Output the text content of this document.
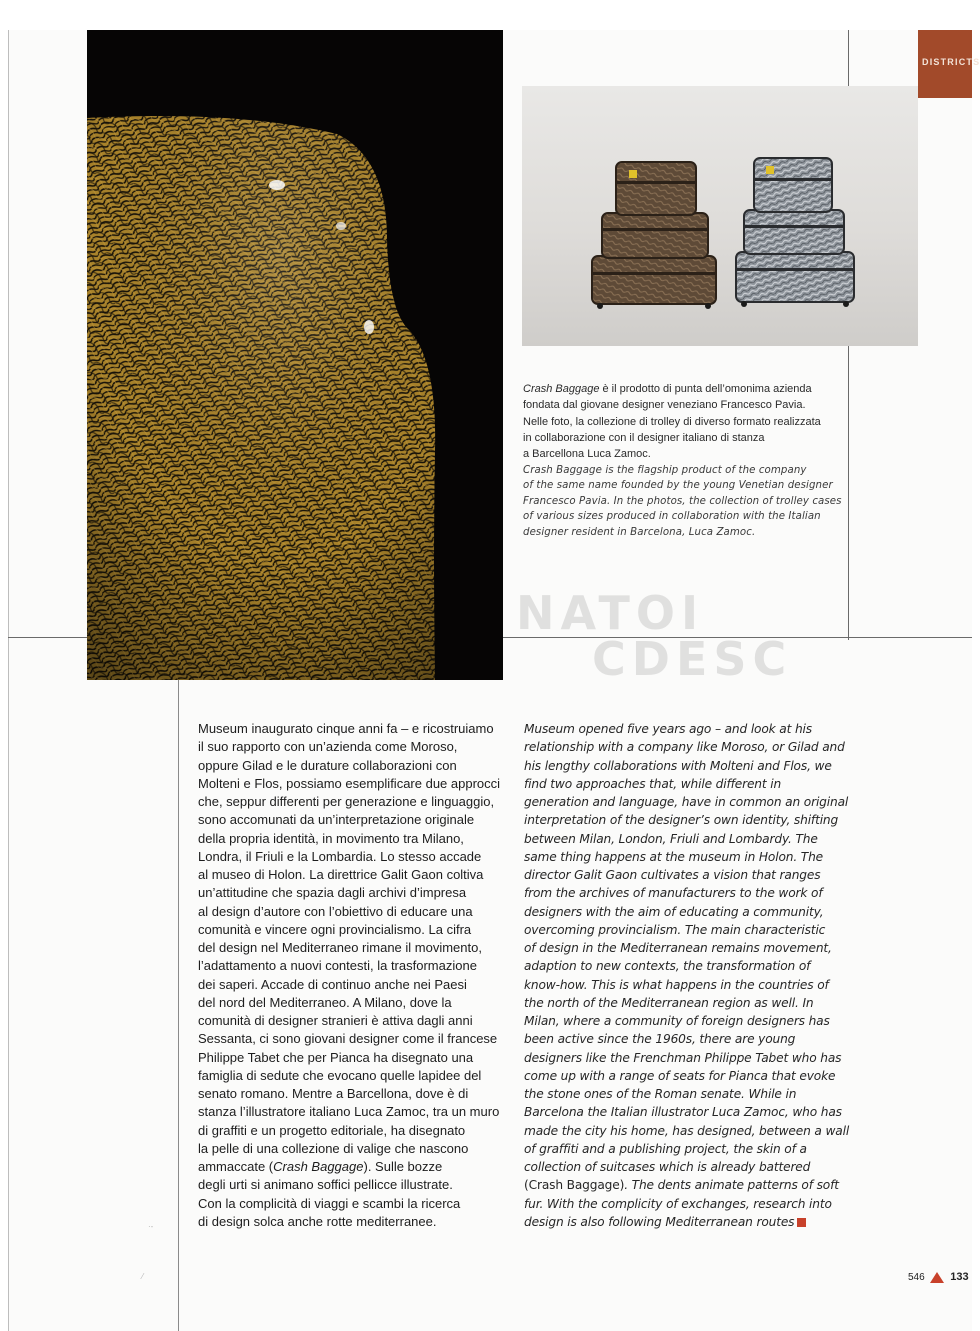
DISTRICTS
NATOI
CDESC
Crash Baggage è il prodotto di punta dell’omonima azienda
fondata dal giovane designer veneziano Francesco Pavia.
Nelle foto, la collezione di trolley di diverso formato realizzata
in collaborazione con il designer italiano di stanza
a Barcellona Luca Zamoc.
Crash Baggage is the flagship product of the company
of the same name founded by the young Venetian designer
Francesco Pavia. In the photos, the collection of trolley cases
of various sizes produced in collaboration with the Italian
designer resident in Barcelona, Luca Zamoc.
Museum inaugurato cinque anni fa – e ricostruiamo
il suo rapporto con un’azienda come Moroso,
oppure Gilad e le durature collaborazioni con
Molteni e Flos, possiamo esemplificare due approcci
che, seppur differenti per generazione e linguaggio,
sono accomunati da un’interpretazione originale
della propria identità, in movimento tra Milano,
Londra, il Friuli e la Lombardia. Lo stesso accade
al museo di Holon. La direttrice Galit Gaon coltiva
un’attitudine che spazia dagli archivi d’impresa
al design d’autore con l’obiettivo di educare una
comunità e vincere ogni provincialismo. La cifra
del design nel Mediterraneo rimane il movimento,
l’adattamento a nuovi contesti, la trasformazione
dei saperi. Accade di continuo anche nei Paesi
del nord del Mediterraneo. A Milano, dove la
comunità di designer stranieri è attiva dagli anni
Sessanta, ci sono giovani designer come il francese
Philippe Tabet che per Pianca ha disegnato una
famiglia di sedute che evocano quelle lapidee del
senato romano. Mentre a Barcellona, dove è di
stanza l’illustratore italiano Luca Zamoc, tra un muro
di graffiti e un progetto editoriale, ha disegnato
la pelle di una collezione di valige che nascono
ammaccate (Crash Baggage). Sulle bozze
degli urti si animano soffici pellicce illustrate.
Con la complicità di viaggi e scambi la ricerca
di design solca anche rotte mediterranee.
Museum opened five years ago – and look at his
relationship with a company like Moroso, or Gilad and
his lengthy collaborations with Molteni and Flos, we
find two approaches that, while different in
generation and language, have in common an original
interpretation of the designer’s own identity, shifting
between Milan, London, Friuli and Lombardy. The
same thing happens at the museum in Holon. The
director Galit Gaon cultivates a vision that ranges
from the archives of manufacturers to the work of
designers with the aim of educating a community,
overcoming provincialism. The main characteristic
of design in the Mediterranean remains movement,
adaption to new contexts, the transformation of
know-how. This is what happens in the countries of
the north of the Mediterranean region as well. In
Milan, where a community of foreign designers has
been active since the 1960s, there are young
designers like the Frenchman Philippe Tabet who has
come up with a range of seats for Pianca that evoke
the stone ones of the Roman senate. While in
Barcelona the Italian illustrator Luca Zamoc, who has
made the city his home, has designed, between a wall
of graffiti and a publishing project, the skin of a
collection of suitcases which is already battered
(Crash Baggage). The dents animate patterns of soft
fur. With the complicity of exchanges, research into
design is also following Mediterranean routes
546 133
·‐
⁄
